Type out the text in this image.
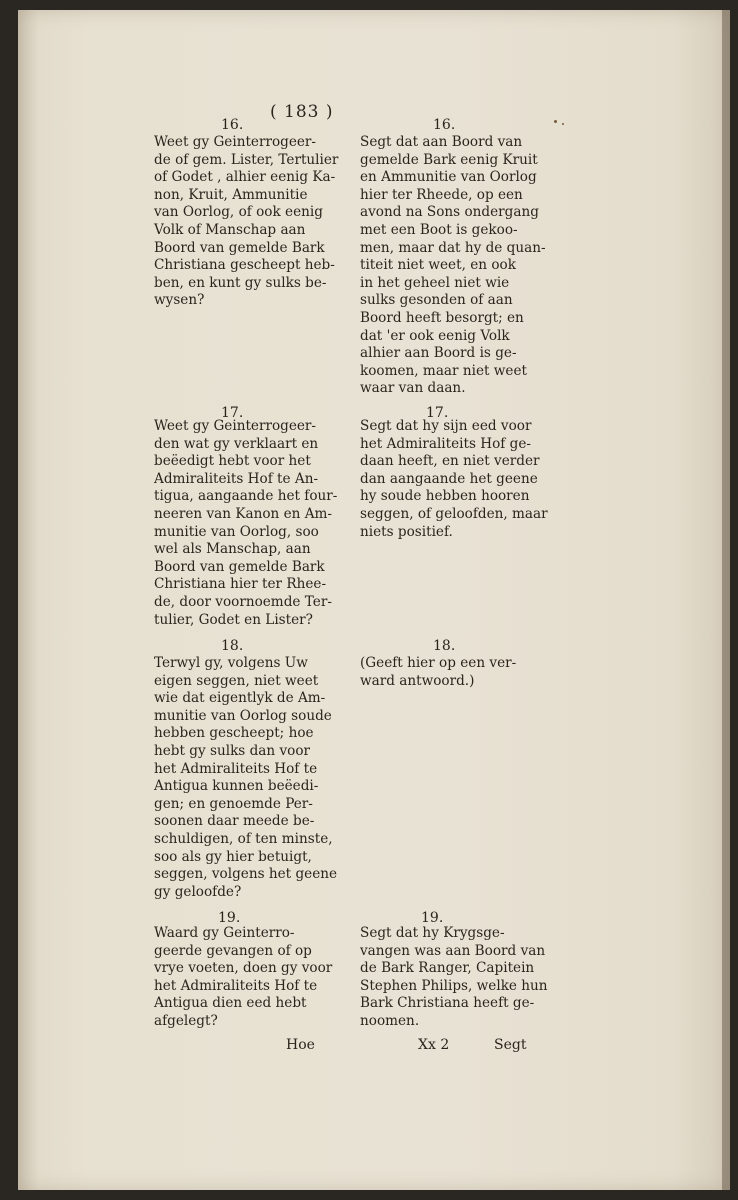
( 183 )
16.	16.
Weet gy Geinterrogeer-
de of gem. Lister, Tertulier
of Godet , alhier eenig Ka-
non, Kruit, Ammunitie
van Oorlog, of ook eenig
Volk of Manschap aan
Boord van gemelde Bark
Christiana gescheept heb-
ben, en kunt gy sulks be-
wysen?
Segt dat aan Boord van
gemelde Bark eenig Kruit
en Ammunitie van Oorlog
hier ter Rheede, op een
avond na Sons ondergang
met een Boot is gekoo-
men, maar dat hy de quan-
titeit niet weet, en ook
in het geheel niet wie
sulks gesonden of aan
Boord heeft besorgt; en
dat 'er ook eenig Volk
alhier aan Boord is ge-
koomen, maar niet weet
waar van daan.
17.	17.
Weet gy Geinterrogeer-
den wat gy verklaart en
beëedigt hebt voor het
Admiraliteits Hof te An-
tigua, aangaande het four-
neeren van Kanon en Am-
munitie van Oorlog, soo
wel als Manschap, aan
Boord van gemelde Bark
Christiana hier ter Rhee-
de, door voornoemde Ter-
tulier, Godet en Lister?
Segt dat hy sijn eed voor
het Admiraliteits Hof ge-
daan heeft, en niet verder
dan aangaande het geene
hy soude hebben hooren
seggen, of geloofden, maar
niets positief.
18.	18.
Terwyl gy, volgens Uw
eigen seggen, niet weet
wie dat eigentlyk de Am-
munitie van Oorlog soude
hebben gescheept; hoe
hebt gy sulks dan voor
het Admiraliteits Hof te
Antigua kunnen beëedi-
gen; en genoemde Per-
soonen daar meede be-
schuldigen, of ten minste,
soo als gy hier betuigt,
seggen, volgens het geene
gy geloofde?
(Geeft hier op een ver-
ward antwoord.)
19.	19.
Waard gy Geinterro-
geerde gevangen of op
vrye voeten, doen gy voor
het Admiraliteits Hof te
Antigua dien eed hebt
afgelegt?
Segt dat hy Krygsge-
vangen was aan Boord van
de Bark Ranger, Capitein
Stephen Philips, welke hun
Bark Christiana heeft ge-
noomen.
Hoe	Xx 2	Segt
